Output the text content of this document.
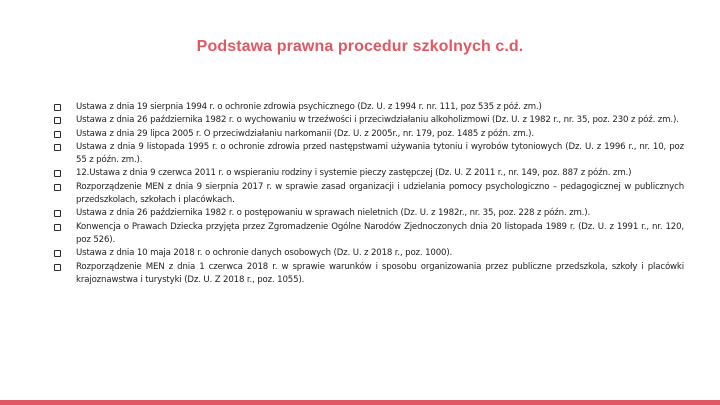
Podstawa prawna procedur szkolnych c.d.
Ustawa z dnia 19 sierpnia 1994 r. o ochronie zdrowia psychicznego (Dz. U. z 1994 r. nr. 111, poz 535 z póź. zm.)
Ustawa z dnia 26 października 1982 r. o wychowaniu w trzeźwości i przeciwdziałaniu alkoholizmowi (Dz. U. z 1982 r., nr. 35, poz. 230 z póź. zm.).
Ustawa z dnia 29 lipca 2005 r. O przeciwdziałaniu narkomanii (Dz. U. z 2005r., nr. 179, poz. 1485 z późn. zm.).
Ustawa z dnia 9 listopada 1995 r. o ochronie zdrowia przed następstwami używania tytoniu i wyrobów tytoniowych (Dz. U. z 1996 r., nr. 10, poz 55 z późn. zm.).
12.Ustawa z dnia 9 czerwca 2011 r. o wspieraniu rodziny i systemie pieczy zastępczej (Dz. U. Z 2011 r., nr. 149, poz. 887 z późn. zm.)
Rozporządzenie MEN z dnia 9 sierpnia 2017 r. w sprawie zasad organizacji i udzielania pomocy psychologiczno – pedagogicznej w publicznych przedszkolach, szkołach i placówkach.
Ustawa z dnia 26 października 1982 r. o postępowaniu w sprawach nieletnich (Dz. U. z 1982r., nr. 35, poz. 228 z późn. zm.).
Konwencja o Prawach Dziecka przyjęta przez Zgromadzenie Ogólne Narodów Zjednoczonych dnia 20 listopada 1989 r. (Dz. U. z 1991 r., nr. 120, poz 526).
Ustawa z dnia 10 maja 2018 r. o ochronie danych osobowych (Dz. U. z 2018 r., poz. 1000).
Rozporządzenie MEN z dnia 1 czerwca 2018 r. w sprawie warunków i sposobu organizowania przez publiczne przedszkola, szkoły i placówki krajoznawstwa i turystyki (Dz. U. Z 2018 r., poz. 1055).
